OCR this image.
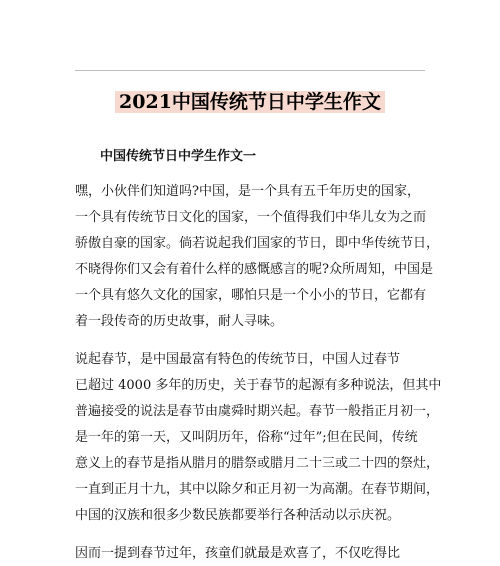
2021中国传统节日中学生作文
中国传统节日中学生作文一
嘿，小伙伴们知道吗?中国，是一个具有五千年历史的国家，
一个具有传统节日文化的国家，一个值得我们中华儿女为之而
骄傲自豪的国家。倘若说起我们国家的节日，即中华传统节日，
不晓得你们又会有着什么样的感慨感言的呢?众所周知，中国是
一个具有悠久文化的国家，哪怕只是一个小小的节日，它都有
着一段传奇的历史故事，耐人寻味。
说起春节，是中国最富有特色的传统节日，中国人过春节
已超过 4000 多年的历史，关于春节的起源有多种说法，但其中
普遍接受的说法是春节由虞舜时期兴起。春节一般指正月初一，
是一年的第一天，又叫阴历年，俗称“过年”;但在民间，传统
意义上的春节是指从腊月的腊祭或腊月二十三或二十四的祭灶，
一直到正月十九，其中以除夕和正月初一为高潮。在春节期间，
中国的汉族和很多少数民族都要举行各种活动以示庆祝。
因而一提到春节过年，孩童们就最是欢喜了，不仅吃得比
